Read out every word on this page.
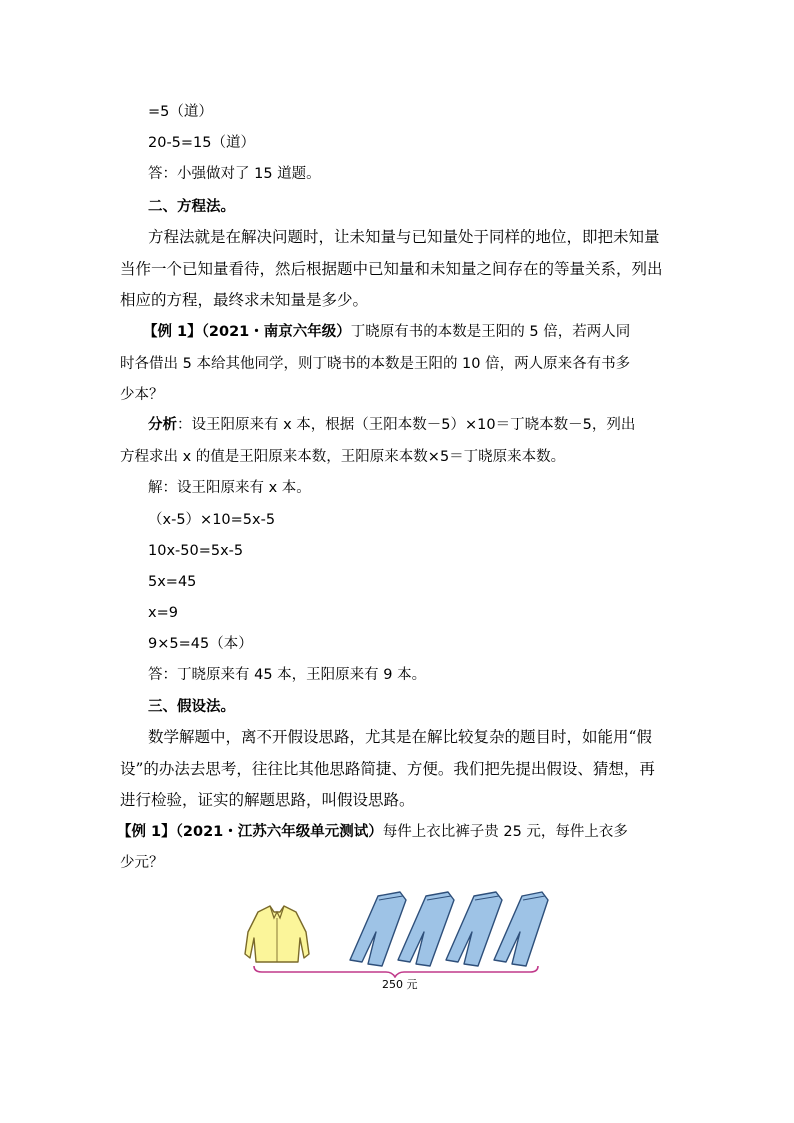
=5（道）
20-5=15（道）
答：小强做对了 15 道题。
二、方程法。
方程法就是在解决问题时，让未知量与已知量处于同样的地位，即把未知量
当作一个已知量看待，然后根据题中已知量和未知量之间存在的等量关系，列出
相应的方程，最终求未知量是多少。
【例 1】（2021・南京六年级）丁晓原有书的本数是王阳的 5 倍，若两人同
时各借出 5 本给其他同学，则丁晓书的本数是王阳的 10 倍，两人原来各有书多
少本？
分析：设王阳原来有 x 本，根据（王阳本数－5）×10＝丁晓本数－5，列出
方程求出 x 的值是王阳原来本数，王阳原来本数×5＝丁晓原来本数。
解：设王阳原来有 x 本。
（x-5）×10=5x-5
10x-50=5x-5
5x=45
x=9
9×5=45（本）
答：丁晓原来有 45 本，王阳原来有 9 本。
三、假设法。
数学解题中，离不开假设思路，尤其是在解比较复杂的题目时，如能用“假
设”的办法去思考，往往比其他思路简捷、方便。我们把先提出假设、猜想，再
进行检验，证实的解题思路，叫假设思路。
【例 1】（2021・江苏六年级单元测试）每件上衣比裤子贵 25 元，每件上衣多
少元？
250 元
